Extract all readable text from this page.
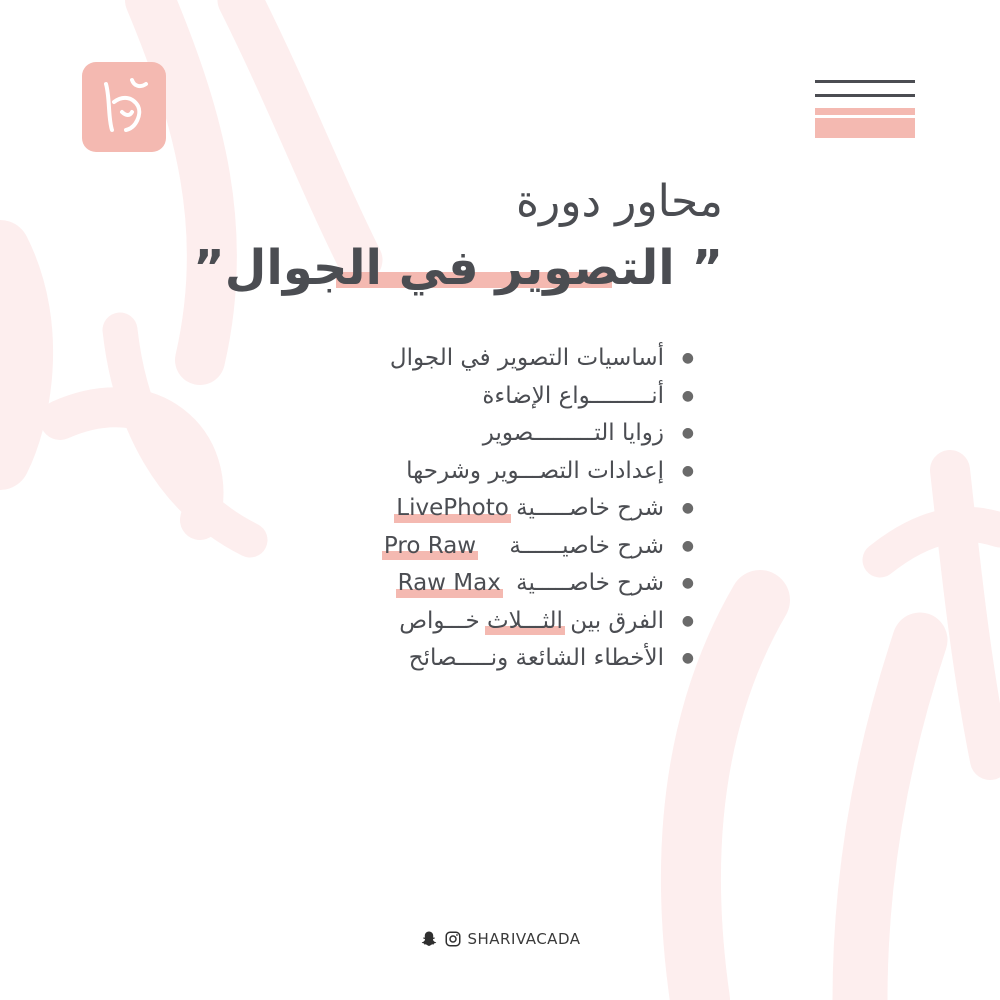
محاور دورة
” التصوير في الجوال”
●
أساسيات التصوير في الجوال
●
أنـــــــــواع الإضاءة
●
زوايا التـــــــــصوير
●
إعدادات التصـــوير وشرحها
●
شرح خاصـــــية LivePhoto
●
شرح خاصيــــــة Pro Raw
●
شرح خاصـــــية Raw Max
●
الفرق بين الثـــلاث خـــواص
●
الأخطاء الشائعة ونـــــصائح
SHARIVACADA
